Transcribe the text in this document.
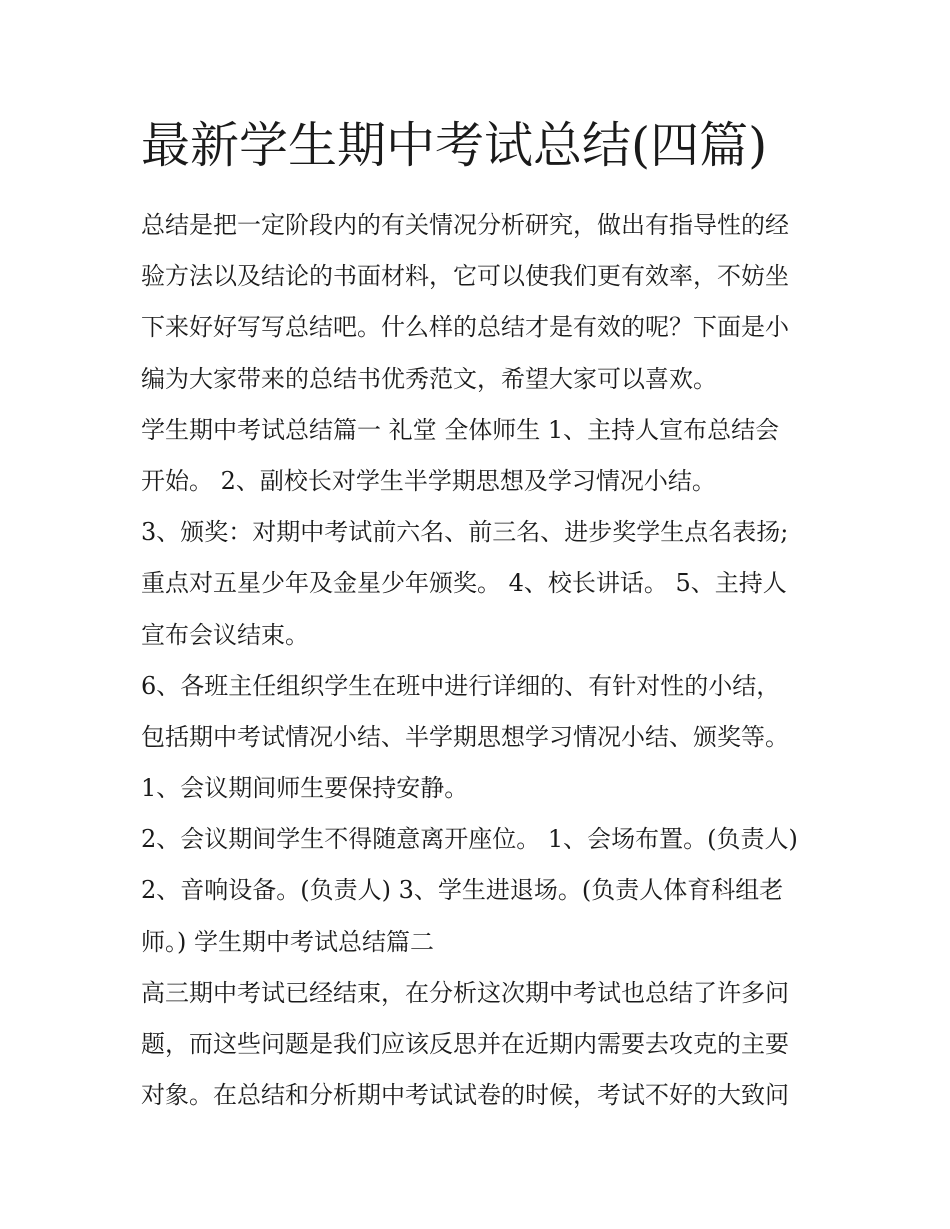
最新学生期中考试总结(四篇)
总结是把一定阶段内的有关情况分析研究，做出有指导性的经
验方法以及结论的书面材料，它可以使我们更有效率，不妨坐
下来好好写写总结吧。什么样的总结才是有效的呢？下面是小
编为大家带来的总结书优秀范文，希望大家可以喜欢。
学生期中考试总结篇一 礼堂 全体师生 1、主持人宣布总结会
开始。 2、副校长对学生半学期思想及学习情况小结。
3、颁奖：对期中考试前六名、前三名、进步奖学生点名表扬;
重点对五星少年及金星少年颁奖。 4、校长讲话。 5、主持人
宣布会议结束。
6、各班主任组织学生在班中进行详细的、有针对性的小结，
包括期中考试情况小结、半学期思想学习情况小结、颁奖等。
1、会议期间师生要保持安静。
2、会议期间学生不得随意离开座位。 1、会场布置。(负责人)
2、音响设备。(负责人) 3、学生进退场。(负责人体育科组老
师。) 学生期中考试总结篇二
高三期中考试已经结束，在分析这次期中考试也总结了许多问
题，而这些问题是我们应该反思并在近期内需要去攻克的主要
对象。在总结和分析期中考试试卷的时候，考试不好的大致问
